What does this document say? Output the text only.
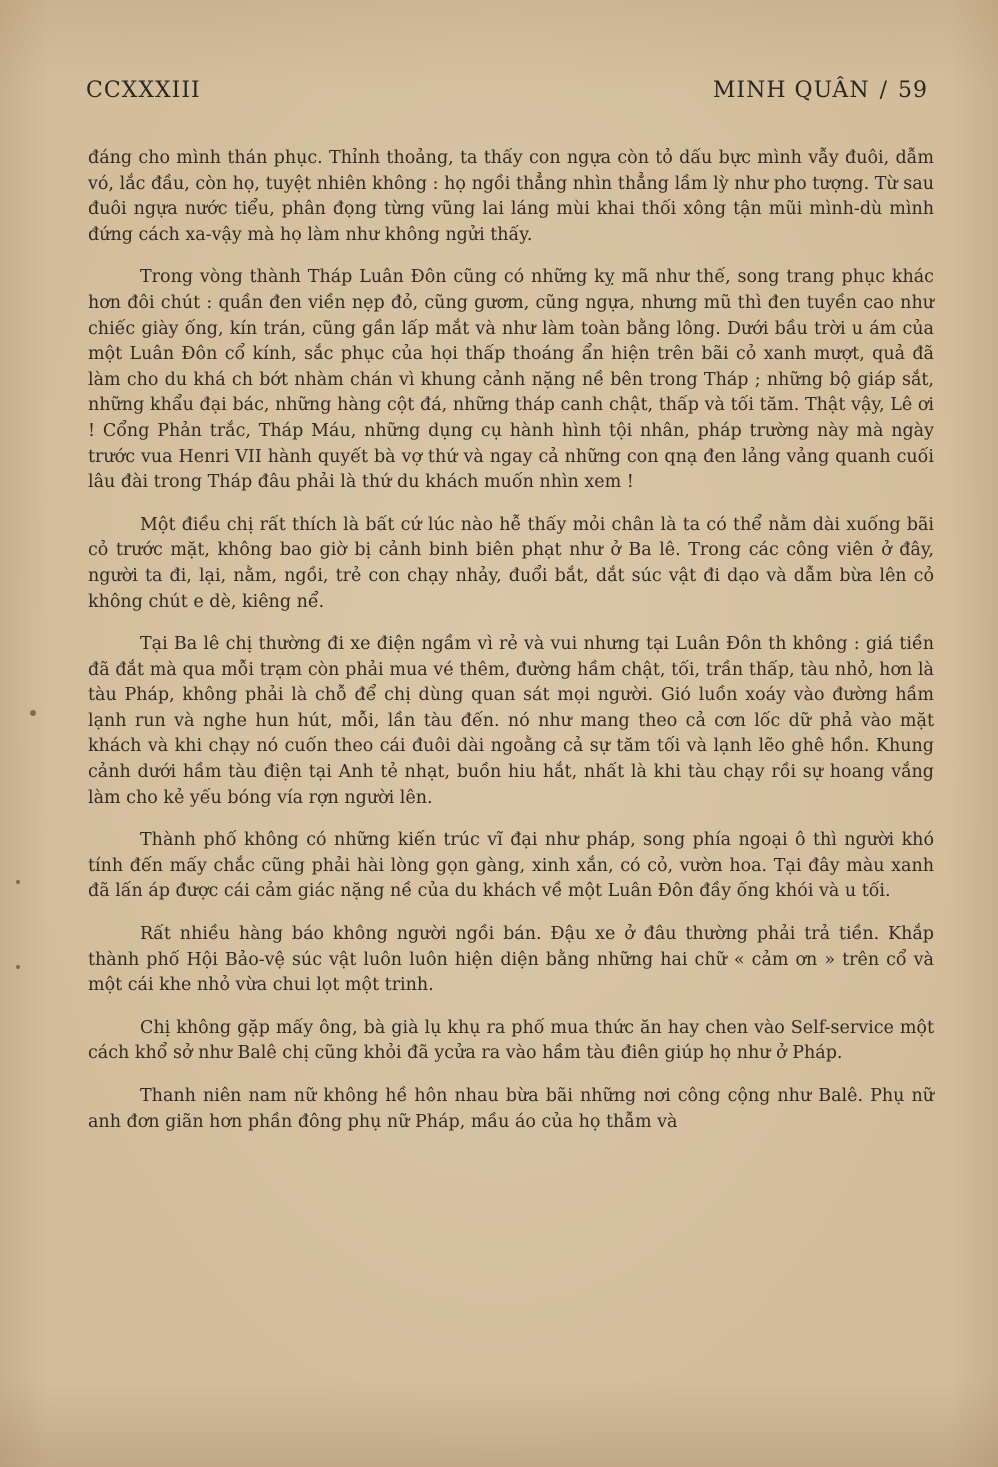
CCXXXIII	MINH QUÂN / 59

đáng cho mình thán phục. Thỉnh thoảng, ta thấy con ngựa còn tỏ dấu bực mình vẫy đuôi, dẫm vó, lắc đầu, còn họ, tuyệt nhiên không : họ ngồi thẳng nhìn thẳng lầm lỳ như pho tượng. Từ sau đuôi ngựa nước tiểu, phân đọng từng vũng lai láng mùi khai thối xông tận mũi mình-dù mình đứng cách xa-vậy mà họ làm như không ngửi thấy.

Trong vòng thành Tháp Luân Đôn cũng có những kỵ mã như thế, song trang phục khác hơn đôi chút : quần đen viền nẹp đỏ, cũng gươm, cũng ngựa, nhưng mũ thì đen tuyền cao như chiếc giày ống, kín trán, cũng gần lấp mắt và như làm toàn bằng lông. Dưới bầu trời u ám của một Luân Đôn cổ kính, sắc phục của họi thấp thoáng ẩn hiện trên bãi cỏ xanh mượt, quả đã làm cho du khá ch bớt nhàm chán vì khung cảnh nặng nề bên trong Tháp ; những bộ giáp sắt, những khẩu đại bác, những hàng cột đá, những tháp canh chật, thấp và tối tăm. Thật vậy, Lê ơi ! Cổng Phản trắc, Tháp Máu, những dụng cụ hành hình tội nhân, pháp trường này mà ngày trước vua Henri VII hành quyết bà vợ thứ và ngay cả những con qnạ đen lảng vảng quanh cuối lâu đài trong Tháp đâu phải là thứ du khách muốn nhìn xem !

Một điều chị rất thích là bất cứ lúc nào hễ thấy mỏi chân là ta có thể nằm dài xuống bãi cỏ trước mặt, không bao giờ bị cảnh binh biên phạt như ở Ba lê. Trong các công viên ở đây, người ta đi, lại, nằm, ngồi, trẻ con chạy nhảy, đuổi bắt, dắt súc vật đi dạo và dẫm bừa lên cỏ không chút e dè, kiêng nể.

Tại Ba lê chị thường đi xe điện ngầm vì rẻ và vui nhưng tại Luân Đôn th không : giá tiền đã đắt mà qua mỗi trạm còn phải mua vé thêm, đường hầm chật, tối, trần thấp, tàu nhỏ, hơn là tàu Pháp, không phải là chỗ để chị dùng quan sát mọi người. Gió luồn xoáy vào đường hầm lạnh run và nghe hun hút, mỗi, lần tàu đến. nó như mang theo cả cơn lốc dữ phả vào mặt khách và khi chạy nó cuốn theo cái đuôi dài ngoằng cả sự tăm tối và lạnh lẽo ghê hồn. Khung cảnh dưới hầm tàu điện tại Anh tẻ nhạt, buồn hiu hắt, nhất là khi tàu chạy rồi sự hoang vắng làm cho kẻ yếu bóng vía rợn người lên.

Thành phố không có những kiến trúc vĩ đại như pháp, song phía ngoại ô thì người khó tính đến mấy chắc cũng phải hài lòng gọn gàng, xinh xắn, có cỏ, vườn hoa. Tại đây màu xanh đã lấn áp được cái cảm giác nặng nề của du khách về một Luân Đôn đầy ống khói và u tối.

Rất nhiều hàng báo không người ngồi bán. Đậu xe ở đâu thường phải trả tiền. Khắp thành phố Hội Bảo-vệ súc vật luôn luôn hiện diện bằng những hai chữ « cảm ơn » trên cổ và một cái khe nhỏ vừa chui lọt một trinh.

Chị không gặp mấy ông, bà già lụ khụ ra phố mua thức ăn hay chen vào Self-service một cách khổ sở như Balê chị cũng khỏi đã ycửa ra vào hầm tàu điên giúp họ như ở Pháp.

Thanh niên nam nữ không hề hôn nhau bừa bãi những nơi công cộng như Balê. Phụ nữ anh đơn giãn hơn phần đông phụ nữ Pháp, mầu áo của họ thẫm và
